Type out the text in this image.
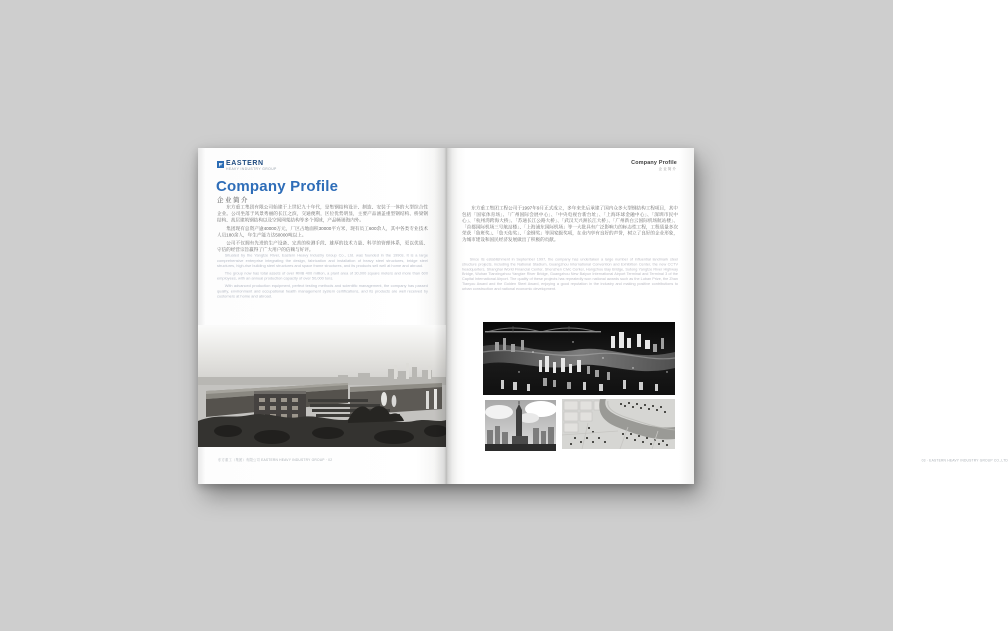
EASTERN
HEAVY INDUSTRY GROUP
Company Profile
企业简介

东方重工集团有限公司始建于上世纪九十年代，是集钢结构设计、制造、安装于一体的大型综合性企业。公司坐落于风景秀丽的长江之滨，交通便利，区位优势明显，主要产品涵盖重型钢结构、桥梁钢结构、高层建筑钢结构以及空间网架结构等多个领域，产品畅销海内外。

集团现有总资产逾40000万元，厂区占地面积30000平方米，现有员工600余人，其中各类专业技术人员180余人，年生产能力达50000吨以上。

公司不仅拥有先进的生产设备、完善的检测手段、雄厚的技术力量、科学的管理体系，更以优质、守信的经营宗旨赢得了广大用户的信赖与好评。

Situated by the Yangtze River, Eastern Heavy Industry Group Co., Ltd. was founded in the 1990s. It is a large comprehensive enterprise integrating the design, fabrication and installation of heavy steel structures, bridge steel structures, high-rise building steel structures and space frame structures, and its products sell well at home and abroad.

The group now has total assets of over RMB 400 million, a plant area of 30,000 square meters and more than 600 employees, with an annual production capacity of over 50,000 tons.

With advanced production equipment, perfect testing methods and scientific management, the company has passed quality, environment and occupational health management system certifications, and its products are well received by customers at home and abroad.

东方重工（集团）有限公司 EASTERN HEAVY INDUSTRY GROUP · 02
Company Profile
企业简介

东方重工集团工程公司于1997年9月正式成立，多年来先后承建了国内众多大型钢结构工程项目，其中包括「国家体育场」、「广州国际会展中心」、「中央电视台新台址」、「上海环球金融中心」、「深圳市民中心」、「杭州湾跨海大桥」、「苏通长江公路大桥」、「武汉天兴洲长江大桥」、「广州新白云国际机场航站楼」、「首都国际机场三号航站楼」、「上海浦东国际机场」等一大批具有广泛影响力的标志性工程，工程质量多次荣获「鲁班奖」、「詹天佑奖」、「金钢奖」等国家级奖项，在业内享有良好的声誉，树立了良好的企业形象，为城市建设和国民经济发展做出了积极的贡献。

Since its establishment in September 1997, the company has undertaken a large number of influential landmark steel structure projects, including the National Stadium, Guangzhou International Convention and Exhibition Center, the new CCTV headquarters, Shanghai World Financial Center, Shenzhen Civic Center, Hangzhou Bay Bridge, Sutong Yangtze River Highway Bridge, Wuhan Tianxingzhou Yangtze River Bridge, Guangzhou New Baiyun International Airport Terminal and Terminal 3 of the Capital International Airport. The quality of these projects has repeatedly won national awards such as the Luban Prize, the Zhan Tianyou Award and the Golden Steel Award, enjoying a good reputation in the industry and making positive contributions to urban construction and national economic development.

03 · EASTERN HEAVY INDUSTRY GROUP CO.,LTD
